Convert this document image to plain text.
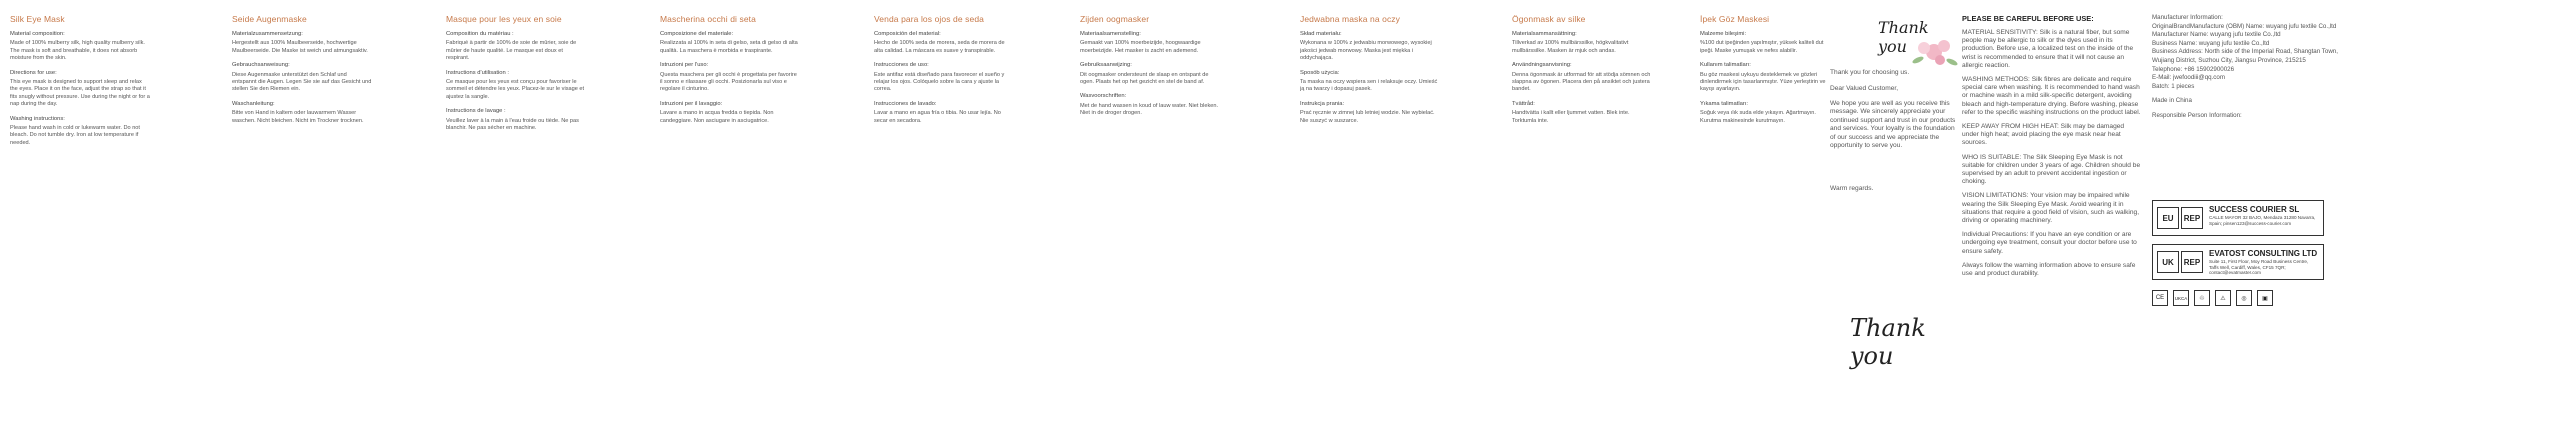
Silk Eye Mask

Material composition:

Made of 100% mulberry silk, high quality mulberry silk. The mask is soft and breathable, it does not absorb moisture from the skin.

Directions for use:

This eye mask is designed to support sleep and relax the eyes. Place it on the face, adjust the strap so that it fits snugly without pressure. Use during the night or for a nap during the day.

Washing instructions:

Please hand wash in cold or lukewarm water. Do not bleach. Do not tumble dry. Iron at low temperature if needed.

Seide Augenmaske

Materialzusammensetzung:

Hergestellt aus 100% Maulbeerseide, hochwertige Maulbeerseide. Die Maske ist weich und atmungsaktiv.

Gebrauchsanweisung:

Diese Augenmaske unterstützt den Schlaf und entspannt die Augen. Legen Sie sie auf das Gesicht und stellen Sie den Riemen ein.

Waschanleitung:

Bitte von Hand in kaltem oder lauwarmem Wasser waschen. Nicht bleichen. Nicht im Trockner trocknen.

Masque pour les yeux en soie

Composition du matériau :

Fabriqué à partir de 100% de soie de mûrier, soie de mûrier de haute qualité. Le masque est doux et respirant.

Instructions d'utilisation :

Ce masque pour les yeux est conçu pour favoriser le sommeil et détendre les yeux. Placez-le sur le visage et ajustez la sangle.

Instructions de lavage :

Veuillez laver à la main à l'eau froide ou tiède. Ne pas blanchir. Ne pas sécher en machine.

Mascherina occhi di seta

Composizione del materiale:

Realizzata al 100% in seta di gelso, seta di gelso di alta qualità. La maschera è morbida e traspirante.

Istruzioni per l'uso:

Questa maschera per gli occhi è progettata per favorire il sonno e rilassare gli occhi. Posizionarla sul viso e regolare il cinturino.

Istruzioni per il lavaggio:

Lavare a mano in acqua fredda o tiepida. Non candeggiare. Non asciugare in asciugatrice.

Venda para los ojos de seda

Composición del material:

Hecho de 100% seda de morera, seda de morera de alta calidad. La máscara es suave y transpirable.

Instrucciones de uso:

Este antifaz está diseñado para favorecer el sueño y relajar los ojos. Colóquelo sobre la cara y ajuste la correa.

Instrucciones de lavado:

Lavar a mano en agua fría o tibia. No usar lejía. No secar en secadora.

Zijden oogmasker

Materiaalsamenstelling:

Gemaakt van 100% moerbeizijde, hoogwaardige moerbeizijde. Het masker is zacht en ademend.

Gebruiksaanwijzing:

Dit oogmasker ondersteunt de slaap en ontspant de ogen. Plaats het op het gezicht en stel de band af.

Wasvoorschriften:

Met de hand wassen in koud of lauw water. Niet bleken. Niet in de droger drogen.

Jedwabna maska na oczy

Skład materiału:

Wykonana w 100% z jedwabiu morwowego, wysokiej jakości jedwab morwowy. Maska jest miękka i oddychająca.

Sposób użycia:

Ta maska na oczy wspiera sen i relaksuje oczy. Umieść ją na twarzy i dopasuj pasek.

Instrukcja prania:

Prać ręcznie w zimnej lub letniej wodzie. Nie wybielać. Nie suszyć w suszarce.

Ögonmask av silke

Materialsammansättning:

Tillverkad av 100% mullbärssilke, högkvalitativt mullbärssilke. Masken är mjuk och andas.

Användningsanvisning:

Denna ögonmask är utformad för att stödja sömnen och slappna av ögonen. Placera den på ansiktet och justera bandet.

Tvättråd:

Handtvätta i kallt eller ljummet vatten. Blek inte. Torktumla inte.

İpek Göz Maskesi

Malzeme bileşimi:

%100 dut ipeğinden yapılmıştır, yüksek kaliteli dut ipeği. Maske yumuşak ve nefes alabilir.

Kullanım talimatları:

Bu göz maskesi uykuyu desteklemek ve gözleri dinlendirmek için tasarlanmıştır. Yüze yerleştirin ve kayışı ayarlayın.

Yıkama talimatları:

Soğuk veya ılık suda elde yıkayın. Ağartmayın. Kurutma makinesinde kurutmayın.

Thank you

Thank you for choosing us.

Dear Valued Customer,

We hope you are well as you receive this message. We sincerely appreciate your continued support and trust in our products and services. Your loyalty is the foundation of our success and we appreciate the opportunity to serve you.

Warm regards.

Thank you
PLEASE BE CAREFUL BEFORE USE:

MATERIAL SENSITIVITY: Silk is a natural fiber, but some people may be allergic to silk or the dyes used in its production. Before use, a localized test on the inside of the wrist is recommended to ensure that it will not cause an allergic reaction.

WASHING METHODS: Silk fibres are delicate and require special care when washing. It is recommended to hand wash or machine wash in a mild silk-specific detergent, avoiding bleach and high-temperature drying. Before washing, please refer to the specific washing instructions on the product label.

KEEP AWAY FROM HIGH HEAT: Silk may be damaged under high heat; avoid placing the eye mask near heat sources.

WHO IS SUITABLE: The Silk Sleeping Eye Mask is not suitable for children under 3 years of age. Children should be supervised by an adult to prevent accidental ingestion or choking.

VISION LIMITATIONS: Your vision may be impaired while wearing the Silk Sleeping Eye Mask. Avoid wearing it in situations that require a good field of vision, such as walking, driving or operating machinery.

Individual Precautions: If you have an eye condition or are undergoing eye treatment, consult your doctor before use to ensure safety.

Always follow the warning information above to ensure safe use and product durability.

Manufacturer Information:

OriginalBrandManufacture (OBM) Name: wuyang jufu textile Co.,ltd

Manufacturer Name: wuyang jufu textile Co.,ltd

Business Name: wuyang jufu textile Co.,ltd

Business Address: North side of the Imperial Road, Shangtan Town, Wujiang District, Suzhou City, Jiangsu Province, 215215

Telephone: +86 15902900026

E-Mail: jwefoodiii@qq.com

Batch: 1 pieces

Made in China

Responsible Person Information:

EU	REP
SUCCESS COURIER SL
CALLE MAYOR 32 BAJO, Mendaza 31280 Navarra, Spain; pinsen123@success-courier.com
UK	REP
EVATOST CONSULTING LTD
Suite 11, First Floor, Moy Road Business Centre, Taffs Well, Cardiff, Wales, CF15 7QR; contact@evatmaster.com
CE	UKCA	♲	⚠	◎	▣
